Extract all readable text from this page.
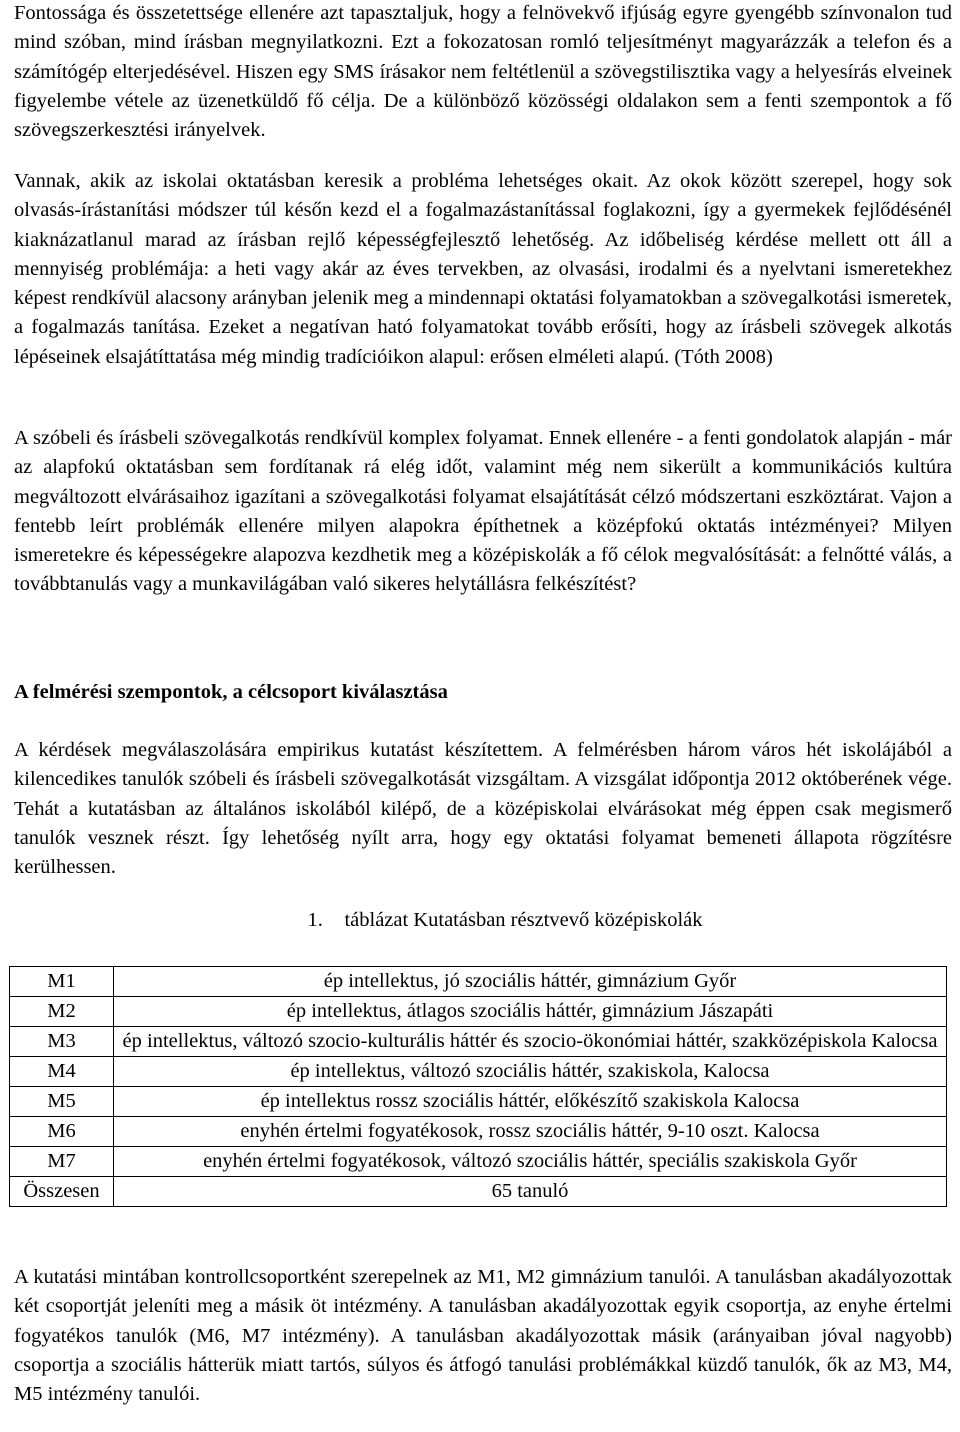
Fontossága és összetettsége ellenére azt tapasztaljuk, hogy a felnövekvő ifjúság egyre gyengébb színvonalon tud mind szóban, mind írásban megnyilatkozni. Ezt a fokozatosan romló teljesítményt magyarázzák a telefon és a számítógép elterjedésével. Hiszen egy SMS írásakor nem feltétlenül a szövegstilisztika vagy a helyesírás elveinek figyelembe vétele az üzenetküldő fő célja. De a különböző közösségi oldalakon sem a fenti szempontok a fő szövegszerkesztési irányelvek.

Vannak, akik az iskolai oktatásban keresik a probléma lehetséges okait. Az okok között szerepel, hogy sok olvasás-írástanítási módszer túl későn kezd el a fogalmazástanítással foglakozni, így a gyermekek fejlődésénél kiaknázatlanul marad az írásban rejlő képességfejlesztő lehetőség. Az időbeliség kérdése mellett ott áll a mennyiség problémája: a heti vagy akár az éves tervekben, az olvasási, irodalmi és a nyelvtani ismeretekhez képest rendkívül alacsony arányban jelenik meg a mindennapi oktatási folyamatokban a szövegalkotási ismeretek, a fogalmazás tanítása. Ezeket a negatívan ható folyamatokat tovább erősíti, hogy az írásbeli szövegek alkotás lépéseinek elsajátíttatása még mindig tradícióikon alapul: erősen elméleti alapú. (Tóth 2008)

A szóbeli és írásbeli szövegalkotás rendkívül komplex folyamat. Ennek ellenére - a fenti gondolatok alapján - már az alapfokú oktatásban sem fordítanak rá elég időt, valamint még nem sikerült a kommunikációs kultúra megváltozott elvárásaihoz igazítani a szövegalkotási folyamat elsajátítását célzó módszertani eszköztárat. Vajon a fentebb leírt problémák ellenére milyen alapokra építhetnek a középfokú oktatás intézményei? Milyen ismeretekre és képességekre alapozva kezdhetik meg a középiskolák a fő célok megvalósítását: a felnőtté válás, a továbbtanulás vagy a munkavilágában való sikeres helytállásra felkészítést?

A felmérési szempontok, a célcsoport kiválasztása

A kérdések megválaszolására empirikus kutatást készítettem. A felmérésben három város hét iskolájából a kilencedikes tanulók szóbeli és írásbeli szövegalkotását vizsgáltam. A vizsgálat időpontja 2012 októberének vége. Tehát a kutatásban az általános iskolából kilépő, de a középiskolai elvárásokat még éppen csak megismerő tanulók vesznek részt. Így lehetőség nyílt arra, hogy egy oktatási folyamat bemeneti állapota rögzítésre kerülhessen.

1. táblázat Kutatásban résztvevő középiskolák
M1	ép intellektus, jó szociális háttér, gimnázium Győr
M2	ép intellektus, átlagos szociális háttér, gimnázium Jászapáti
M3	ép intellektus, változó szocio-kulturális háttér és szocio-ökonómiai háttér, szakközépiskola Kalocsa
M4	ép intellektus, változó szociális háttér, szakiskola, Kalocsa
M5	ép intellektus rossz szociális háttér, előkészítő szakiskola Kalocsa
M6	enyhén értelmi fogyatékosok, rossz szociális háttér, 9-10 oszt. Kalocsa
M7	enyhén értelmi fogyatékosok, változó szociális háttér, speciális szakiskola Győr
Összesen	65 tanuló

A kutatási mintában kontrollcsoportként szerepelnek az M1, M2 gimnázium tanulói. A tanulásban akadályozottak két csoportját jeleníti meg a másik öt intézmény. A tanulásban akadályozottak egyik csoportja, az enyhe értelmi fogyatékos tanulók (M6, M7 intézmény). A tanulásban akadályozottak másik (arányaiban jóval nagyobb) csoportja a szociális hátterük miatt tartós, súlyos és átfogó tanulási problémákkal küzdő tanulók, ők az M3, M4, M5 intézmény tanulói.
